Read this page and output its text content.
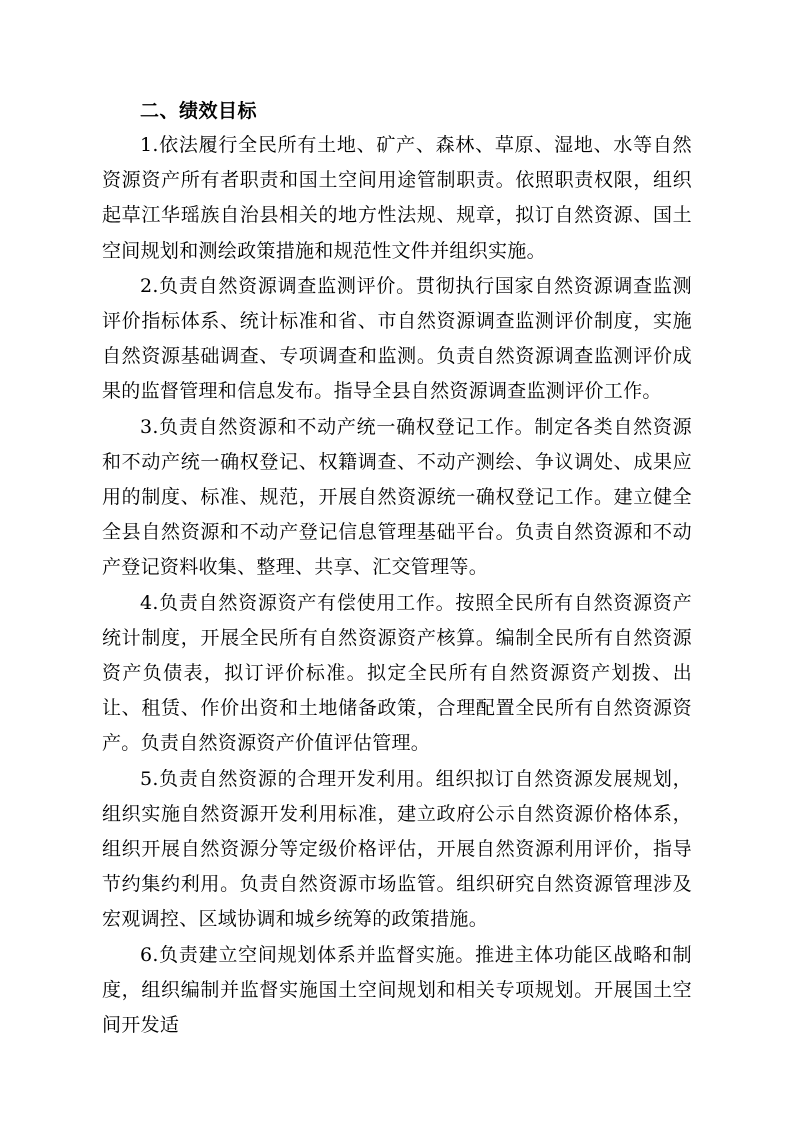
二、绩效目标

1.依法履行全民所有土地、矿产、森林、草原、湿地、水等自然资源资产所有者职责和国土空间用途管制职责。依照职责权限，组织起草江华瑶族自治县相关的地方性法规、规章，拟订自然资源、国土空间规划和测绘政策措施和规范性文件并组织实施。

2.负责自然资源调查监测评价。贯彻执行国家自然资源调查监测评价指标体系、统计标准和省、市自然资源调查监测评价制度，实施自然资源基础调查、专项调查和监测。负责自然资源调查监测评价成果的监督管理和信息发布。指导全县自然资源调查监测评价工作。

3.负责自然资源和不动产统一确权登记工作。制定各类自然资源和不动产统一确权登记、权籍调查、不动产测绘、争议调处、成果应用的制度、标准、规范，开展自然资源统一确权登记工作。建立健全全县自然资源和不动产登记信息管理基础平台。负责自然资源和不动产登记资料收集、整理、共享、汇交管理等。

4.负责自然资源资产有偿使用工作。按照全民所有自然资源资产统计制度，开展全民所有自然资源资产核算。编制全民所有自然资源资产负债表，拟订评价标准。拟定全民所有自然资源资产划拨、出让、租赁、作价出资和土地储备政策，合理配置全民所有自然资源资产。负责自然资源资产价值评估管理。

5.负责自然资源的合理开发利用。组织拟订自然资源发展规划，组织实施自然资源开发利用标准，建立政府公示自然资源价格体系，组织开展自然资源分等定级价格评估，开展自然资源利用评价，指导节约集约利用。负责自然资源市场监管。组织研究自然资源管理涉及宏观调控、区域协调和城乡统筹的政策措施。

6.负责建立空间规划体系并监督实施。推进主体功能区战略和制度，组织编制并监督实施国土空间规划和相关专项规划。开展国土空间开发适
